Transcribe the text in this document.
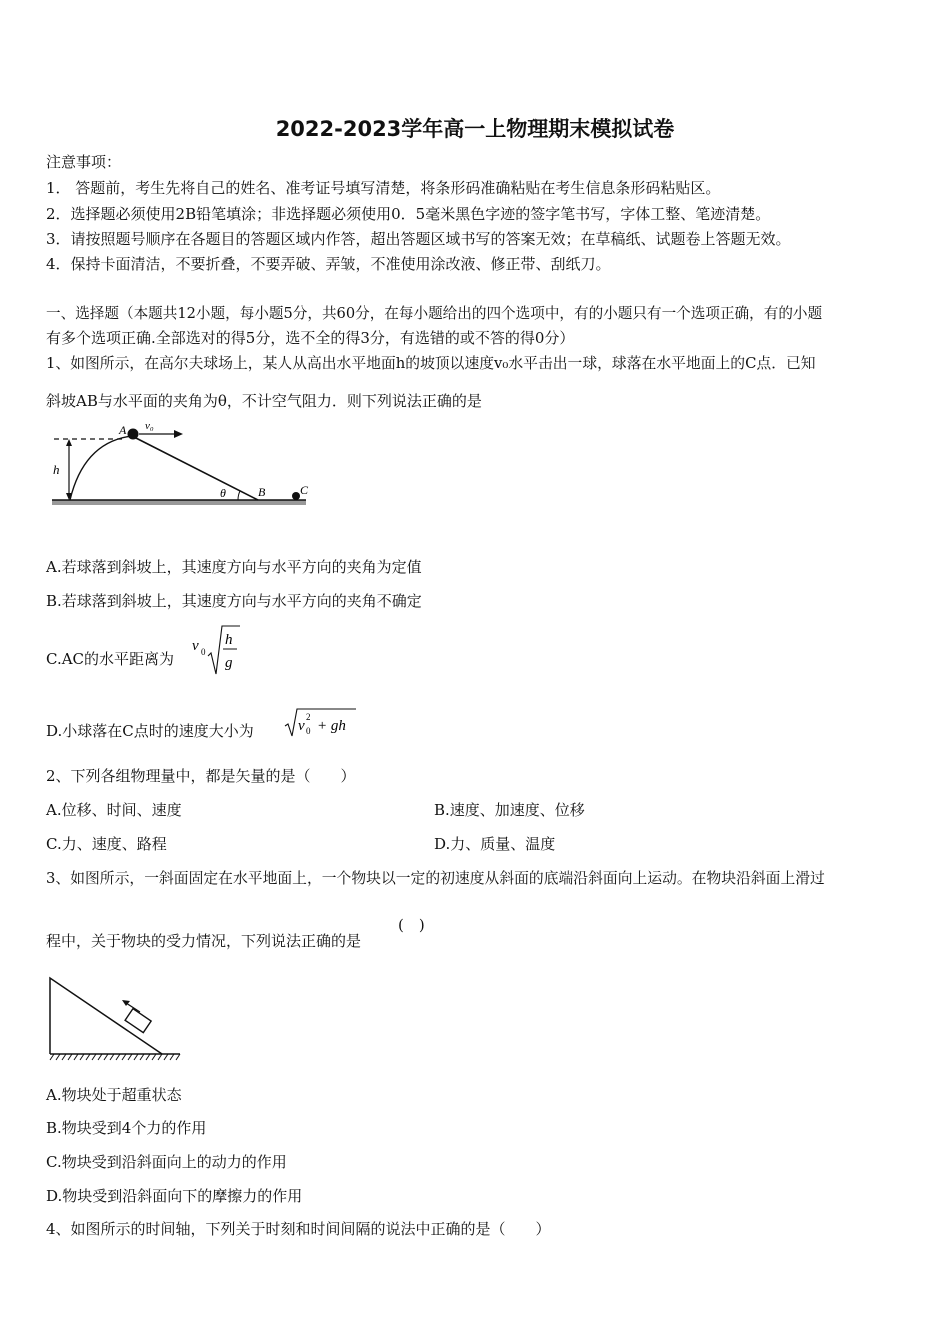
2022-2023学年高一上物理期末模拟试卷
注意事项：
1． 答题前，考生先将自己的姓名、准考证号填写清楚，将条形码准确粘贴在考生信息条形码粘贴区。
2．选择题必须使用2B铅笔填涂；非选择题必须使用0．5毫米黑色字迹的签字笔书写，字体工整、笔迹清楚。
3．请按照题号顺序在各题目的答题区域内作答，超出答题区域书写的答案无效；在草稿纸、试题卷上答题无效。
4．保持卡面清洁，不要折叠，不要弄破、弄皱，不准使用涂改液、修正带、刮纸刀。
一、选择题（本题共12小题，每小题5分，共60分，在每小题给出的四个选项中，有的小题只有一个选项正确，有的小题
有多个选项正确.全部选对的得5分，选不全的得3分，有选错的或不答的得0分）
1、如图所示，在高尔夫球场上，某人从高出水平地面h的坡顶以速度v₀水平击出一球，球落在水平地面上的C点．已知
斜坡AB与水平面的夹角为θ，不计空气阻力．则下列说法正确的是
h
θ
A v₀
B	C
A.若球落到斜坡上，其速度方向与水平方向的夹角为定值
B.若球落到斜坡上，其速度方向与水平方向的夹角不确定
C.AC的水平距离为
v 0
h
g
D.小球落在C点时的速度大小为	v
2
0 + gh
2、下列各组物理量中，都是矢量的是（　　）
A.位移、时间、速度	B.速度、加速度、位移
C.力、速度、路程	D.力、质量、温度
3、如图所示，一斜面固定在水平地面上，一个物块以一定的初速度从斜面的底端沿斜面向上运动。在物块沿斜面上滑过
程中，关于物块的受力情况，下列说法正确的是
(　)
A.物块处于超重状态
B.物块受到4个力的作用
C.物块受到沿斜面向上的动力的作用
D.物块受到沿斜面向下的摩擦力的作用
4、如图所示的时间轴，下列关于时刻和时间间隔的说法中正确的是（　　）
